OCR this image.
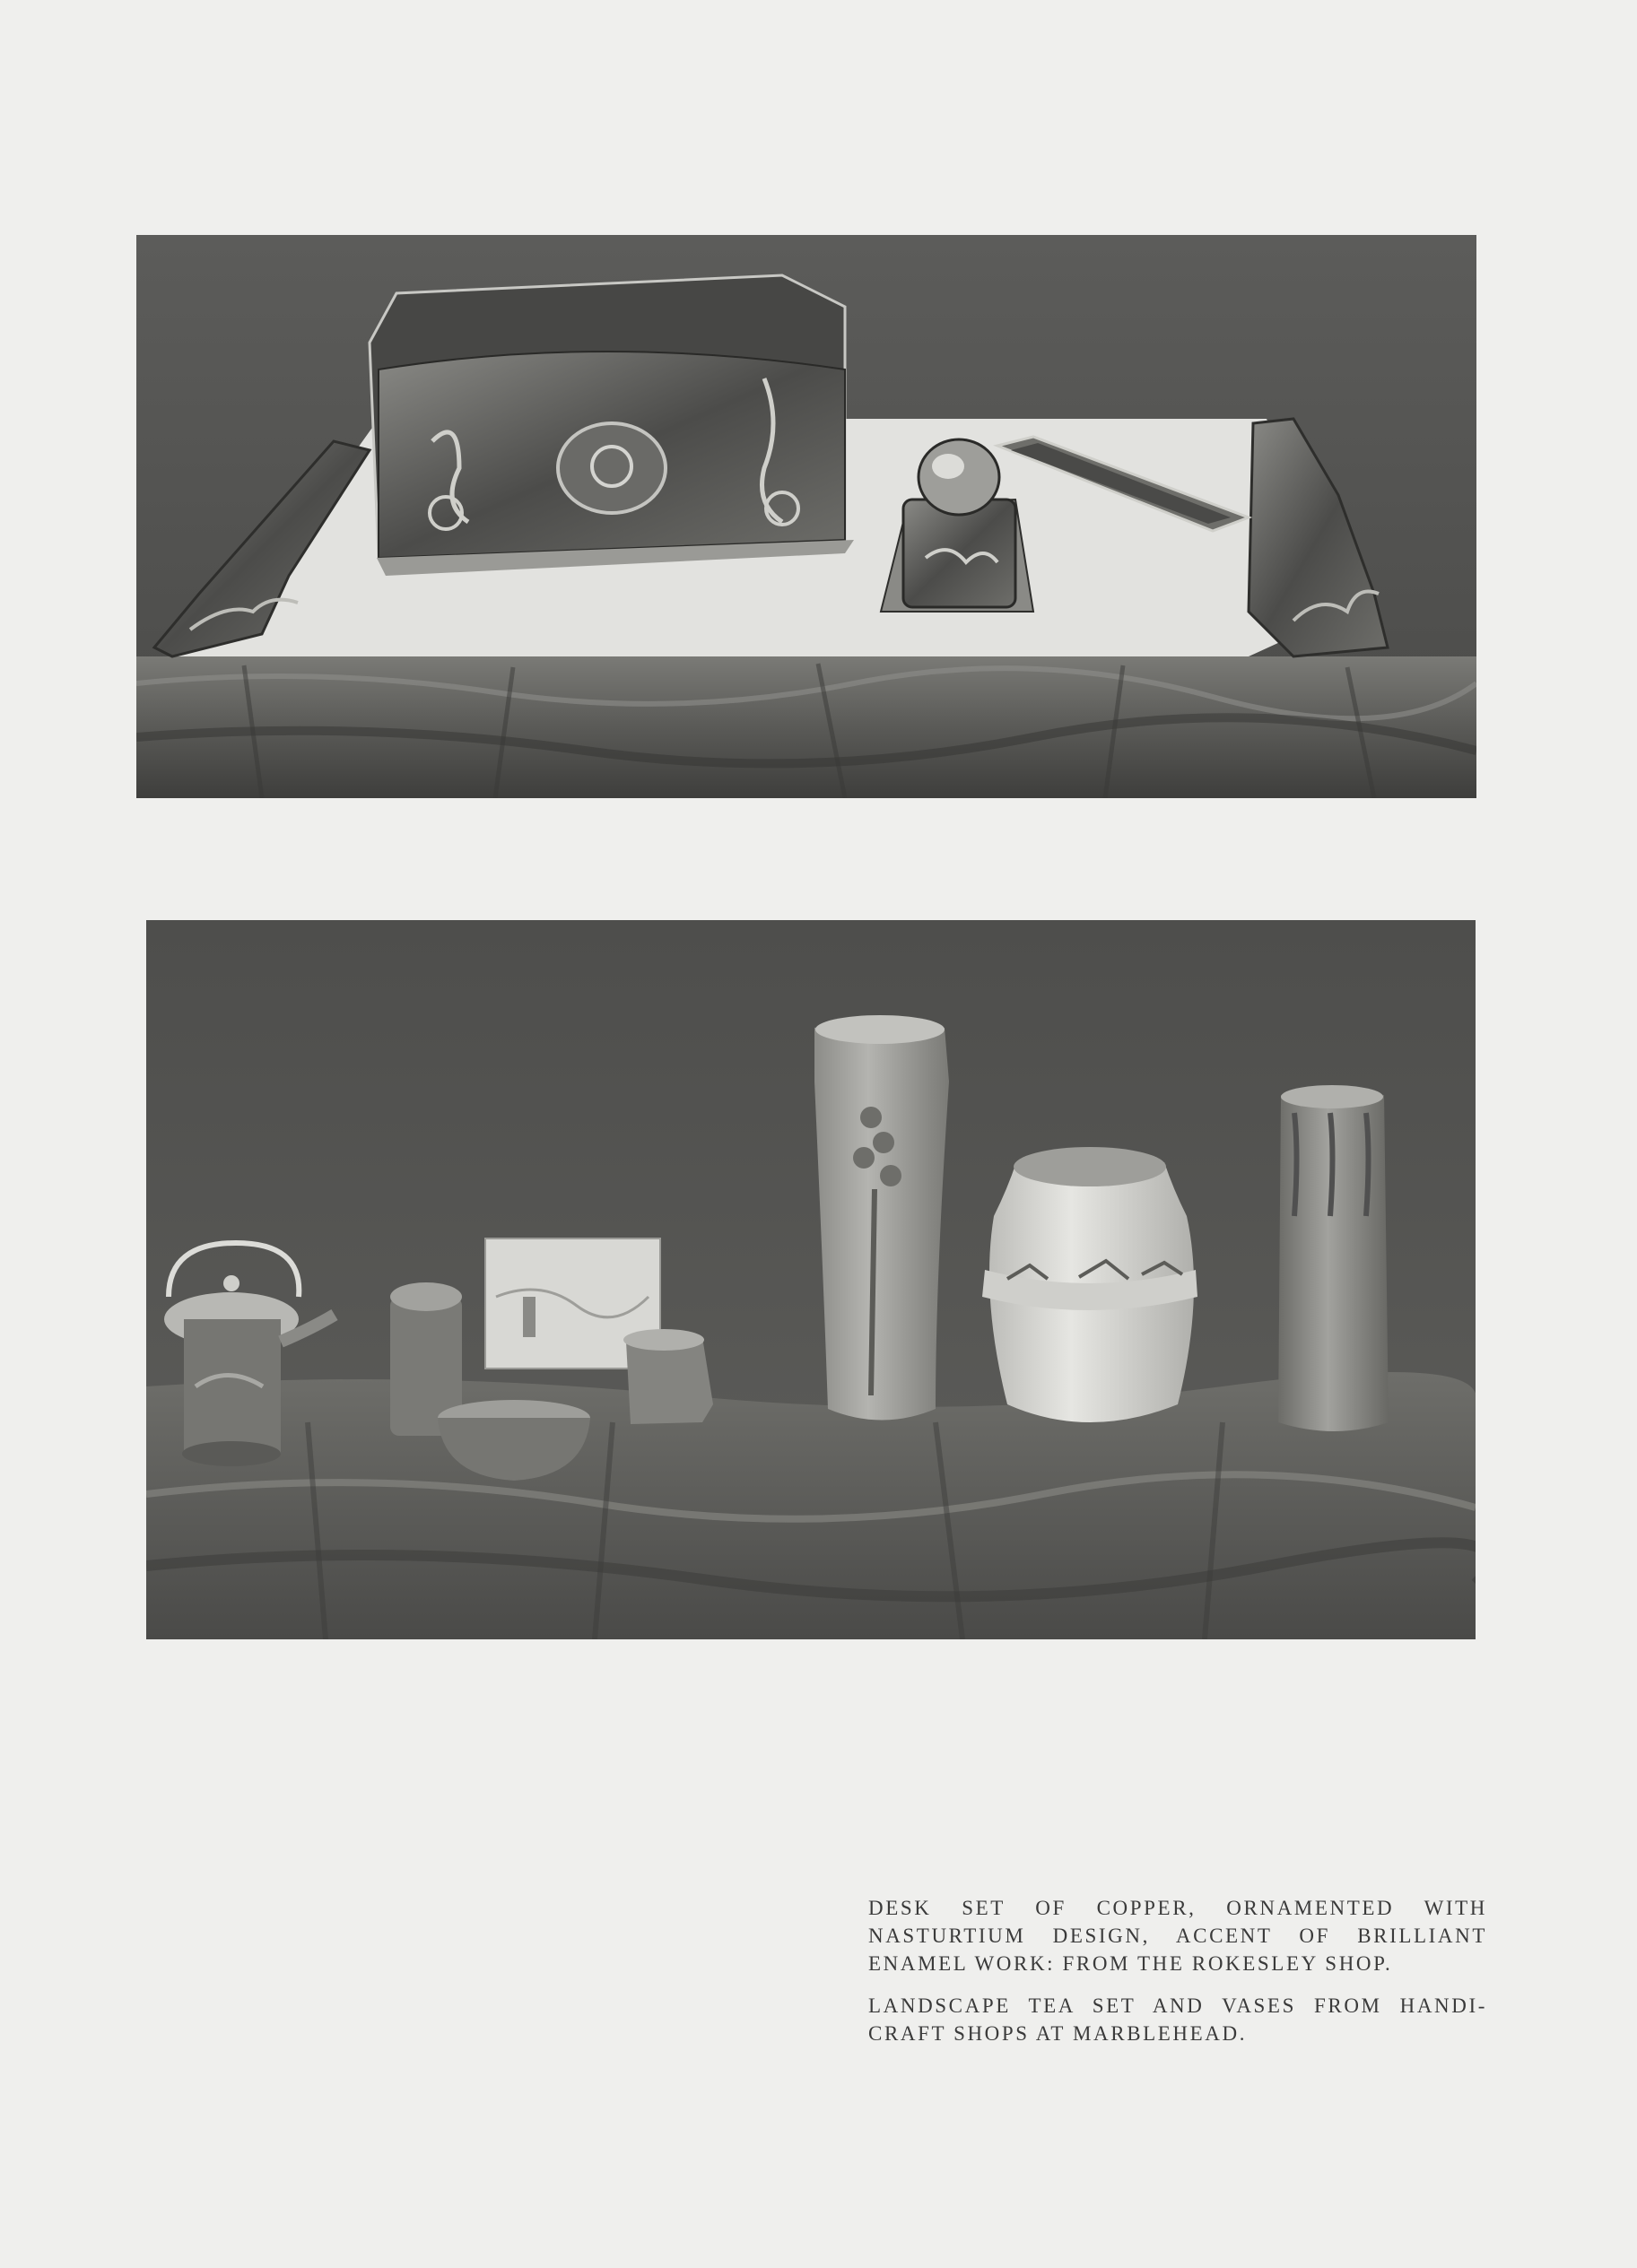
DESK SET OF COPPER, ORNAMENTED WITH NASTURTIUM DESIGN, ACCENT OF BRILLIANT ENAMEL WORK: FROM THE ROKESLEY SHOP.

LANDSCAPE TEA SET AND VASES FROM HANDI-CRAFT SHOPS AT MARBLEHEAD.
